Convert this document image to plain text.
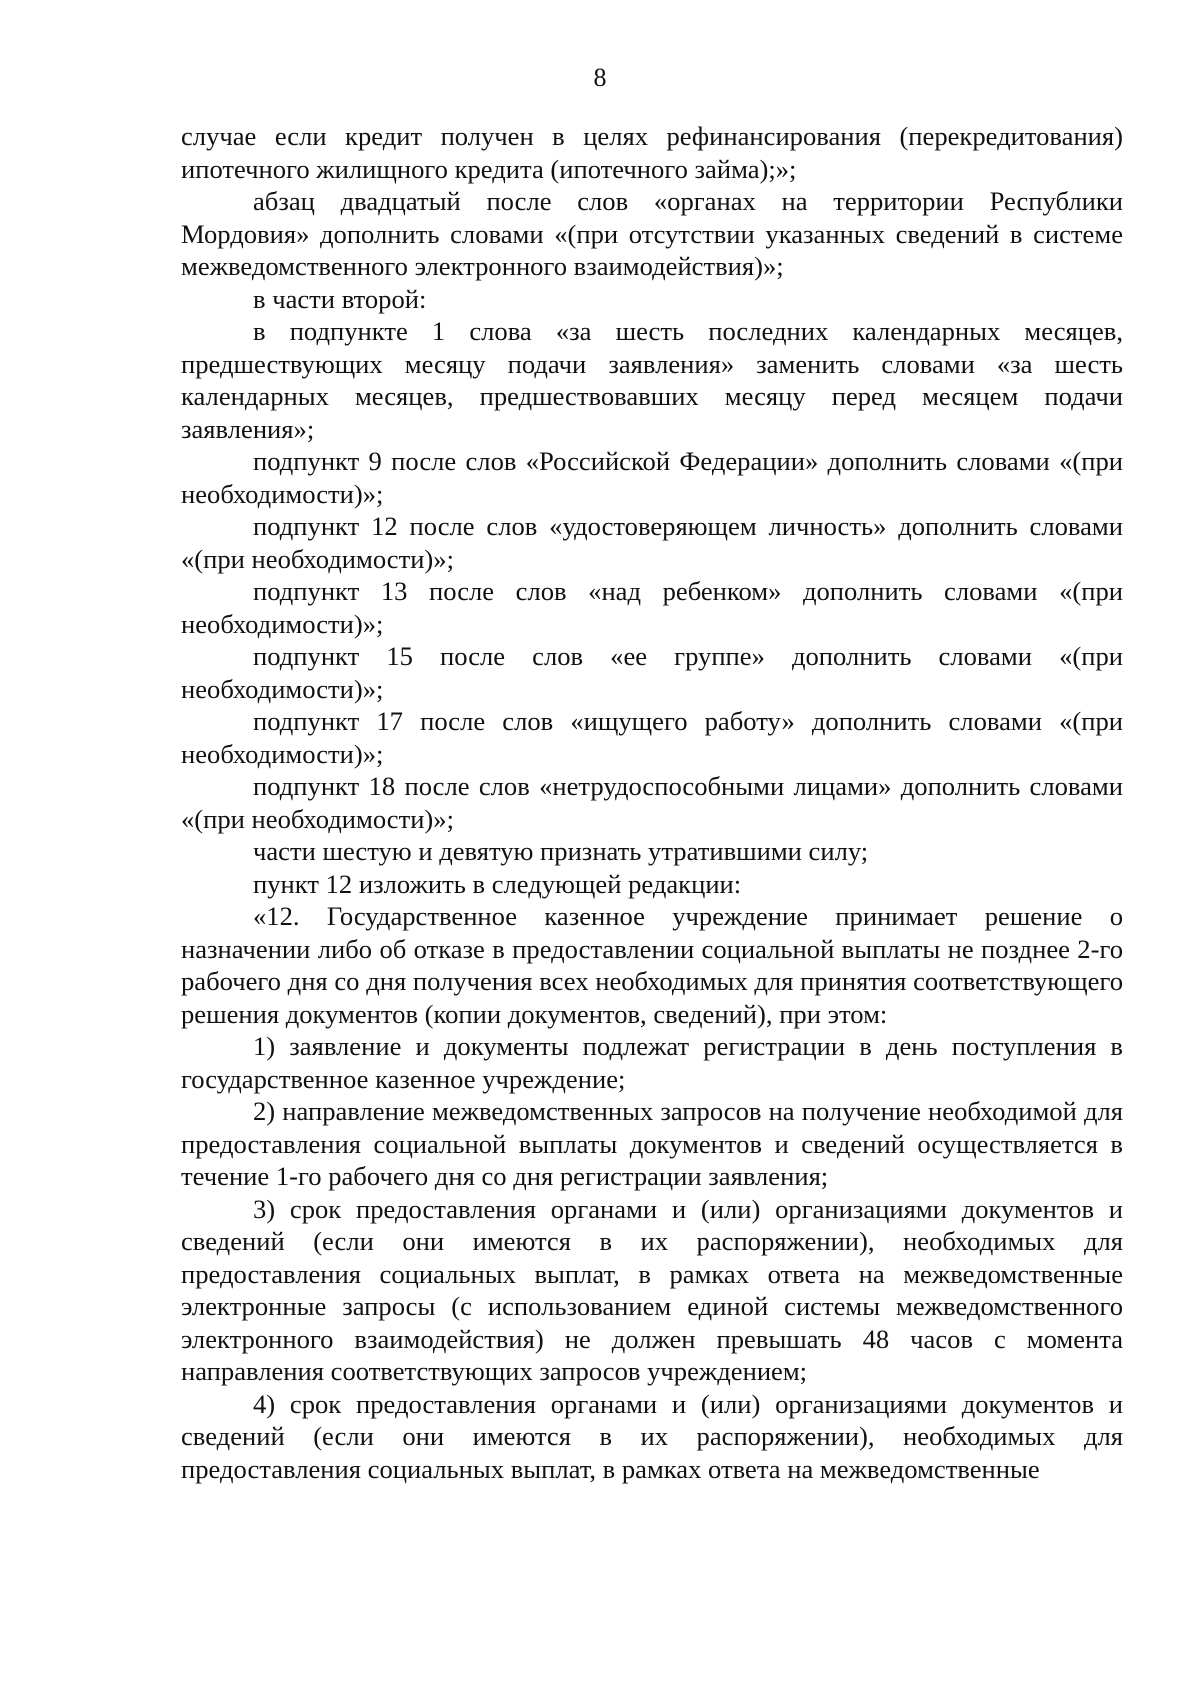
8

случае если кредит получен в целях рефинансирования (перекредитования) ипотечного жилищного кредита (ипотечного займа);»;

абзац двадцатый после слов «органах на территории Республики Мордовия» дополнить словами «(при отсутствии указанных сведений в системе межведомственного электронного взаимодействия)»;

в части второй:

в подпункте 1 слова «за шесть последних календарных месяцев, предшествующих месяцу подачи заявления» заменить словами «за шесть календарных месяцев, предшествовавших месяцу перед месяцем подачи заявления»;

подпункт 9 после слов «Российской Федерации» дополнить словами «(при необходимости)»;

подпункт 12 после слов «удостоверяющем личность» дополнить словами «(при необходимости)»;

подпункт 13 после слов «над ребенком» дополнить словами «(при необходимости)»;

подпункт 15 после слов «ее группе» дополнить словами «(при необходимости)»;

подпункт 17 после слов «ищущего работу» дополнить словами «(при необходимости)»;

подпункт 18 после слов «нетрудоспособными лицами» дополнить словами «(при необходимости)»;

части шестую и девятую признать утратившими силу;

пункт 12 изложить в следующей редакции:

«12. Государственное казенное учреждение принимает решение о назначении либо об отказе в предоставлении социальной выплаты не позднее 2-го рабочего дня со дня получения всех необходимых для принятия соответствующего решения документов (копии документов, сведений), при этом:

1) заявление и документы подлежат регистрации в день поступления в государственное казенное учреждение;

2) направление межведомственных запросов на получение необходимой для предоставления социальной выплаты документов и сведений осуществляется в течение 1-го рабочего дня со дня регистрации заявления;

3) срок предоставления органами и (или) организациями документов и сведений (если они имеются в их распоряжении), необходимых для предоставления социальных выплат, в рамках ответа на межведомственные электронные запросы (с использованием единой системы межведомственного электронного взаимодействия) не должен превышать 48 часов с момента направления соответствующих запросов учреждением;

4) срок предоставления органами и (или) организациями документов и сведений (если они имеются в их распоряжении), необходимых для предоставления социальных выплат, в рамках ответа на межведомственные
